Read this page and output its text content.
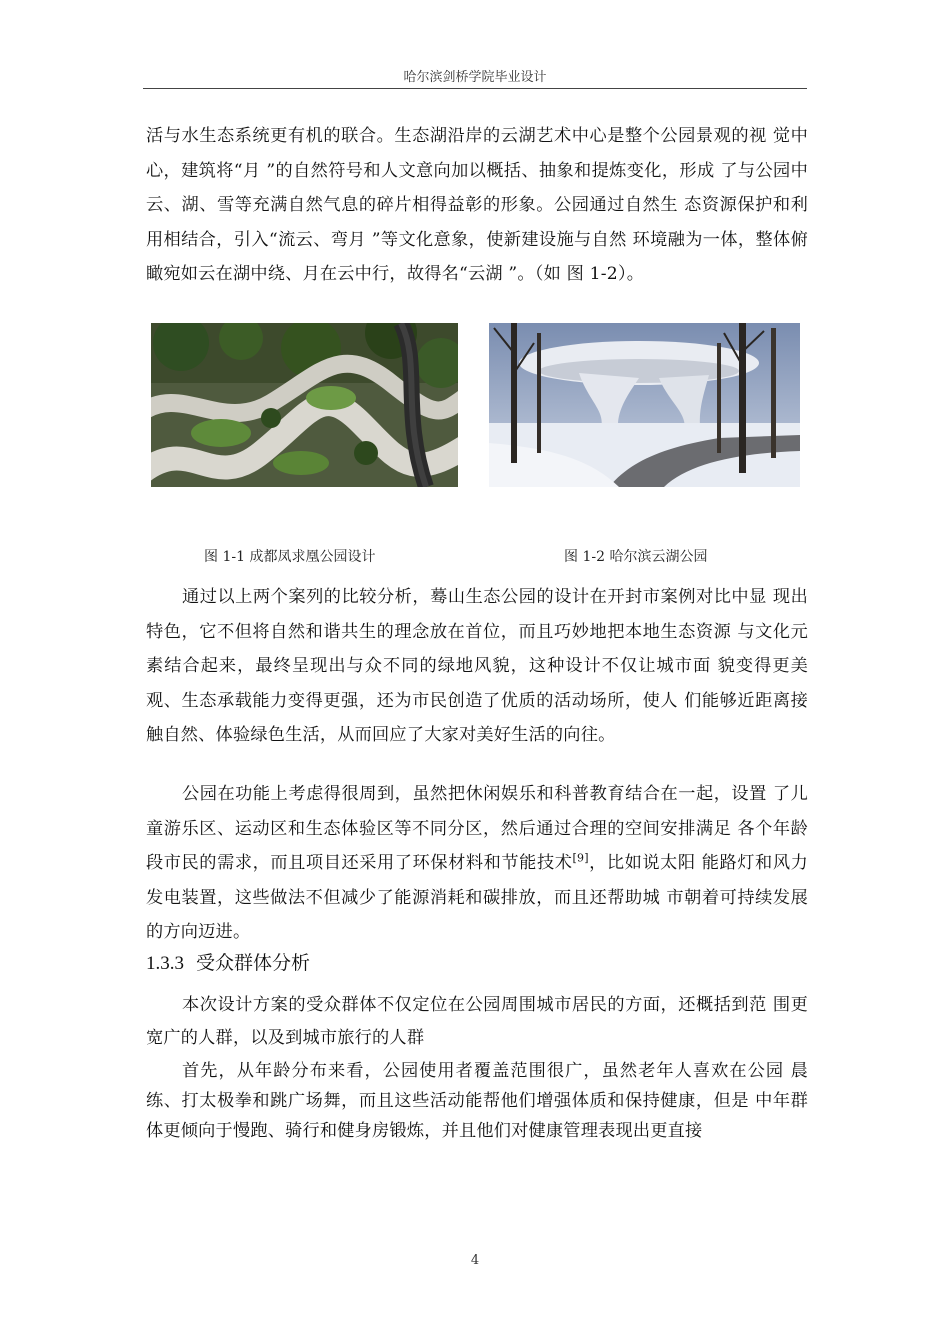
哈尔滨剑桥学院毕业设计

活与水生态系统更有机的联合。生态湖沿岸的云湖艺术中心是整个公园景观的视 觉中心，建筑将“月 ”的自然符号和人文意向加以概括、抽象和提炼变化，形成 了与公园中云、湖、雪等充满自然气息的碎片相得益彰的形象。公园通过自然生 态资源保护和利用相结合，引入“流云、弯月 ”等文化意象，使新建设施与自然 环境融为一体，整体俯瞰宛如云在湖中绕、月在云中行，故得名“云湖 ”。（如 图 1-2）。

图 1-1 成都凤求凰公园设计	图 1-2 哈尔滨云湖公园

通过以上两个案列的比较分析，蓦山生态公园的设计在开封市案例对比中显 现出特色，它不但将自然和谐共生的理念放在首位，而且巧妙地把本地生态资源 与文化元素结合起来，最终呈现出与众不同的绿地风貌，这种设计不仅让城市面 貌变得更美观、生态承载能力变得更强，还为市民创造了优质的活动场所，使人 们能够近距离接触自然、体验绿色生活，从而回应了大家对美好生活的向往。

公园在功能上考虑得很周到，虽然把休闲娱乐和科普教育结合在一起，设置 了儿童游乐区、运动区和生态体验区等不同分区，然后通过合理的空间安排满足 各个年龄段市民的需求，而且项目还采用了环保材料和节能技术[9]，比如说太阳 能路灯和风力发电装置，这些做法不但减少了能源消耗和碳排放，而且还帮助城 市朝着可持续发展的方向迈进。

1.3.3 受众群体分析

本次设计方案的受众群体不仅定位在公园周围城市居民的方面，还概括到范 围更宽广的人群，以及到城市旅行的人群

首先，从年龄分布来看，公园使用者覆盖范围很广，虽然老年人喜欢在公园 晨练、打太极拳和跳广场舞，而且这些活动能帮他们增强体质和保持健康，但是 中年群体更倾向于慢跑、骑行和健身房锻炼，并且他们对健康管理表现出更直接

4
